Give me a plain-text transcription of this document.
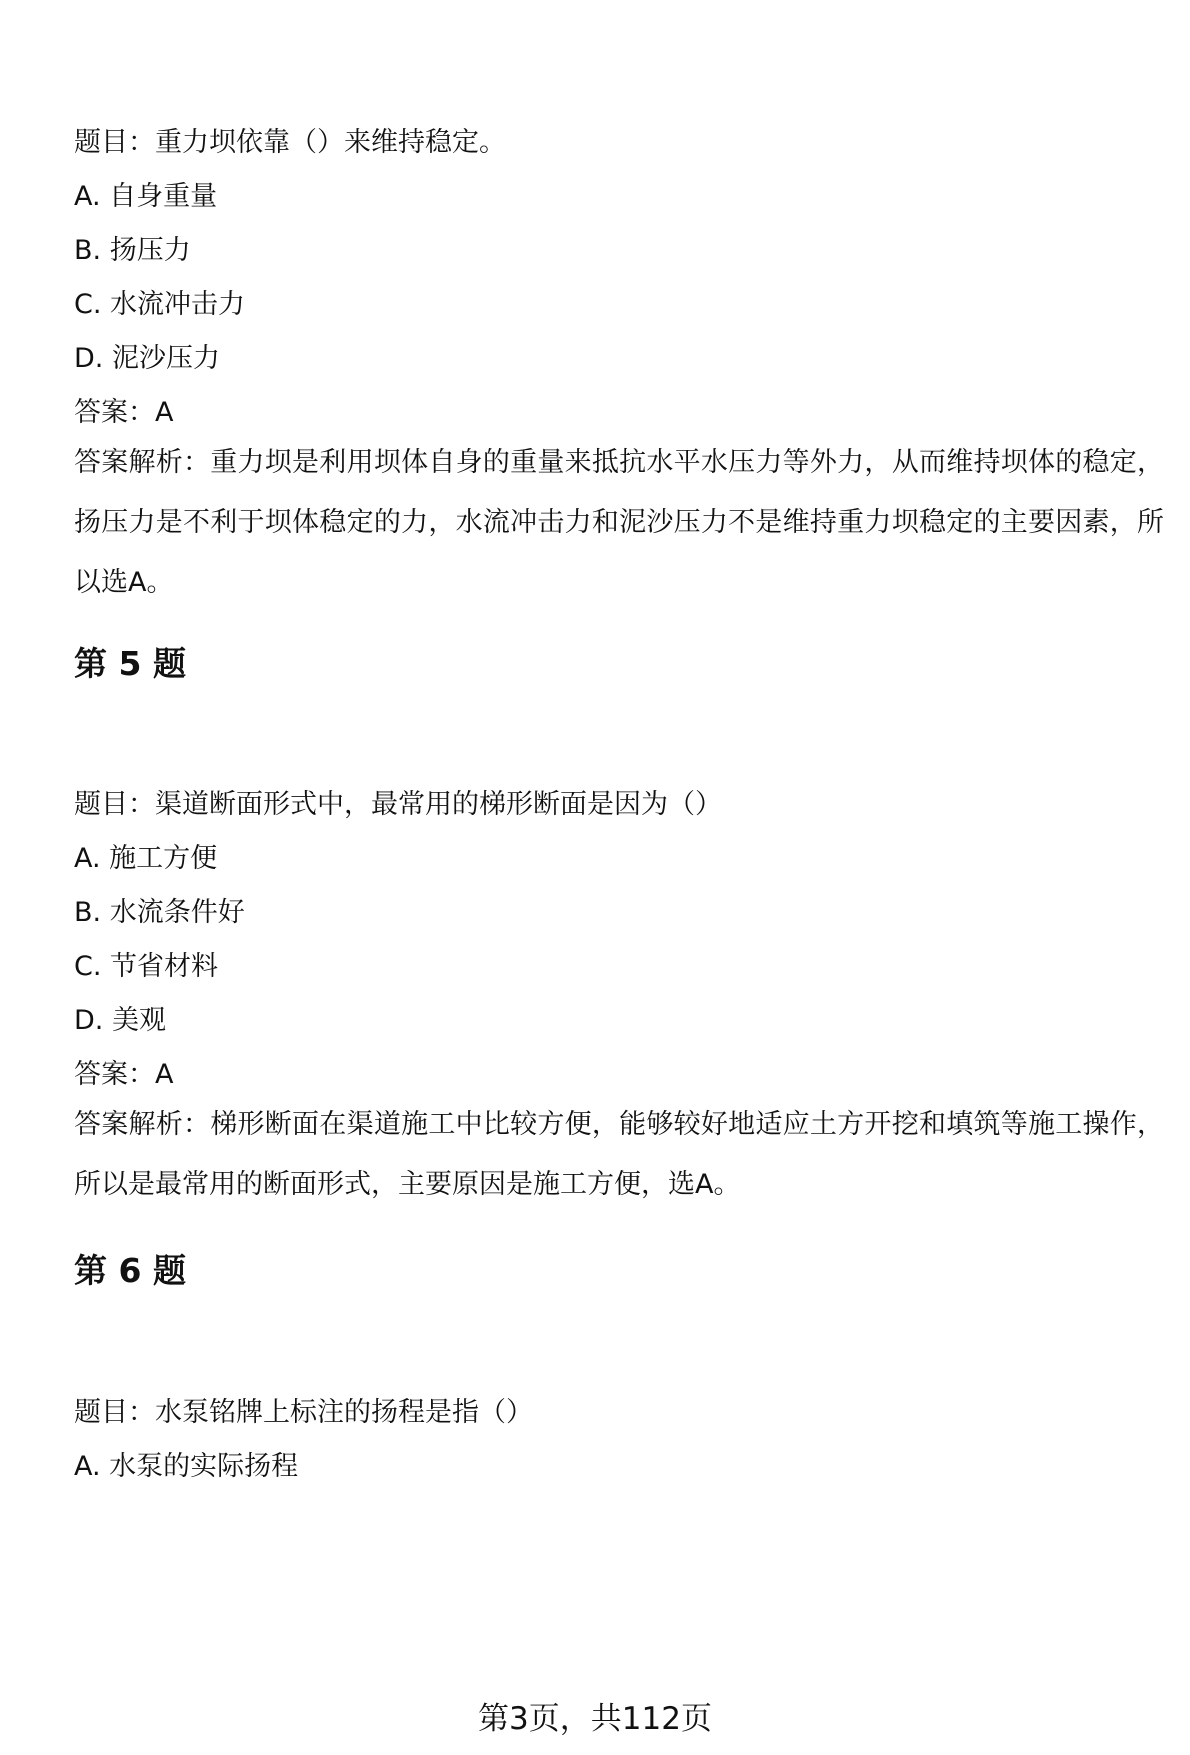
题目：重力坝依靠（）来维持稳定。
A. 自身重量
B. 扬压力
C. 水流冲击力
D. 泥沙压力
答案：A
答案解析：重力坝是利用坝体自身的重量来抵抗水平水压力等外力，从而维持坝体的稳定，扬压力是不利于坝体稳定的力，水流冲击力和泥沙压力不是维持重力坝稳定的主要因素，所以选A。
第 5 题
题目：渠道断面形式中，最常用的梯形断面是因为（）
A. 施工方便
B. 水流条件好
C. 节省材料
D. 美观
答案：A
答案解析：梯形断面在渠道施工中比较方便，能够较好地适应土方开挖和填筑等施工操作，所以是最常用的断面形式，主要原因是施工方便，选A。
第 6 题
题目：水泵铭牌上标注的扬程是指（）
A. 水泵的实际扬程
第3页，共112页
